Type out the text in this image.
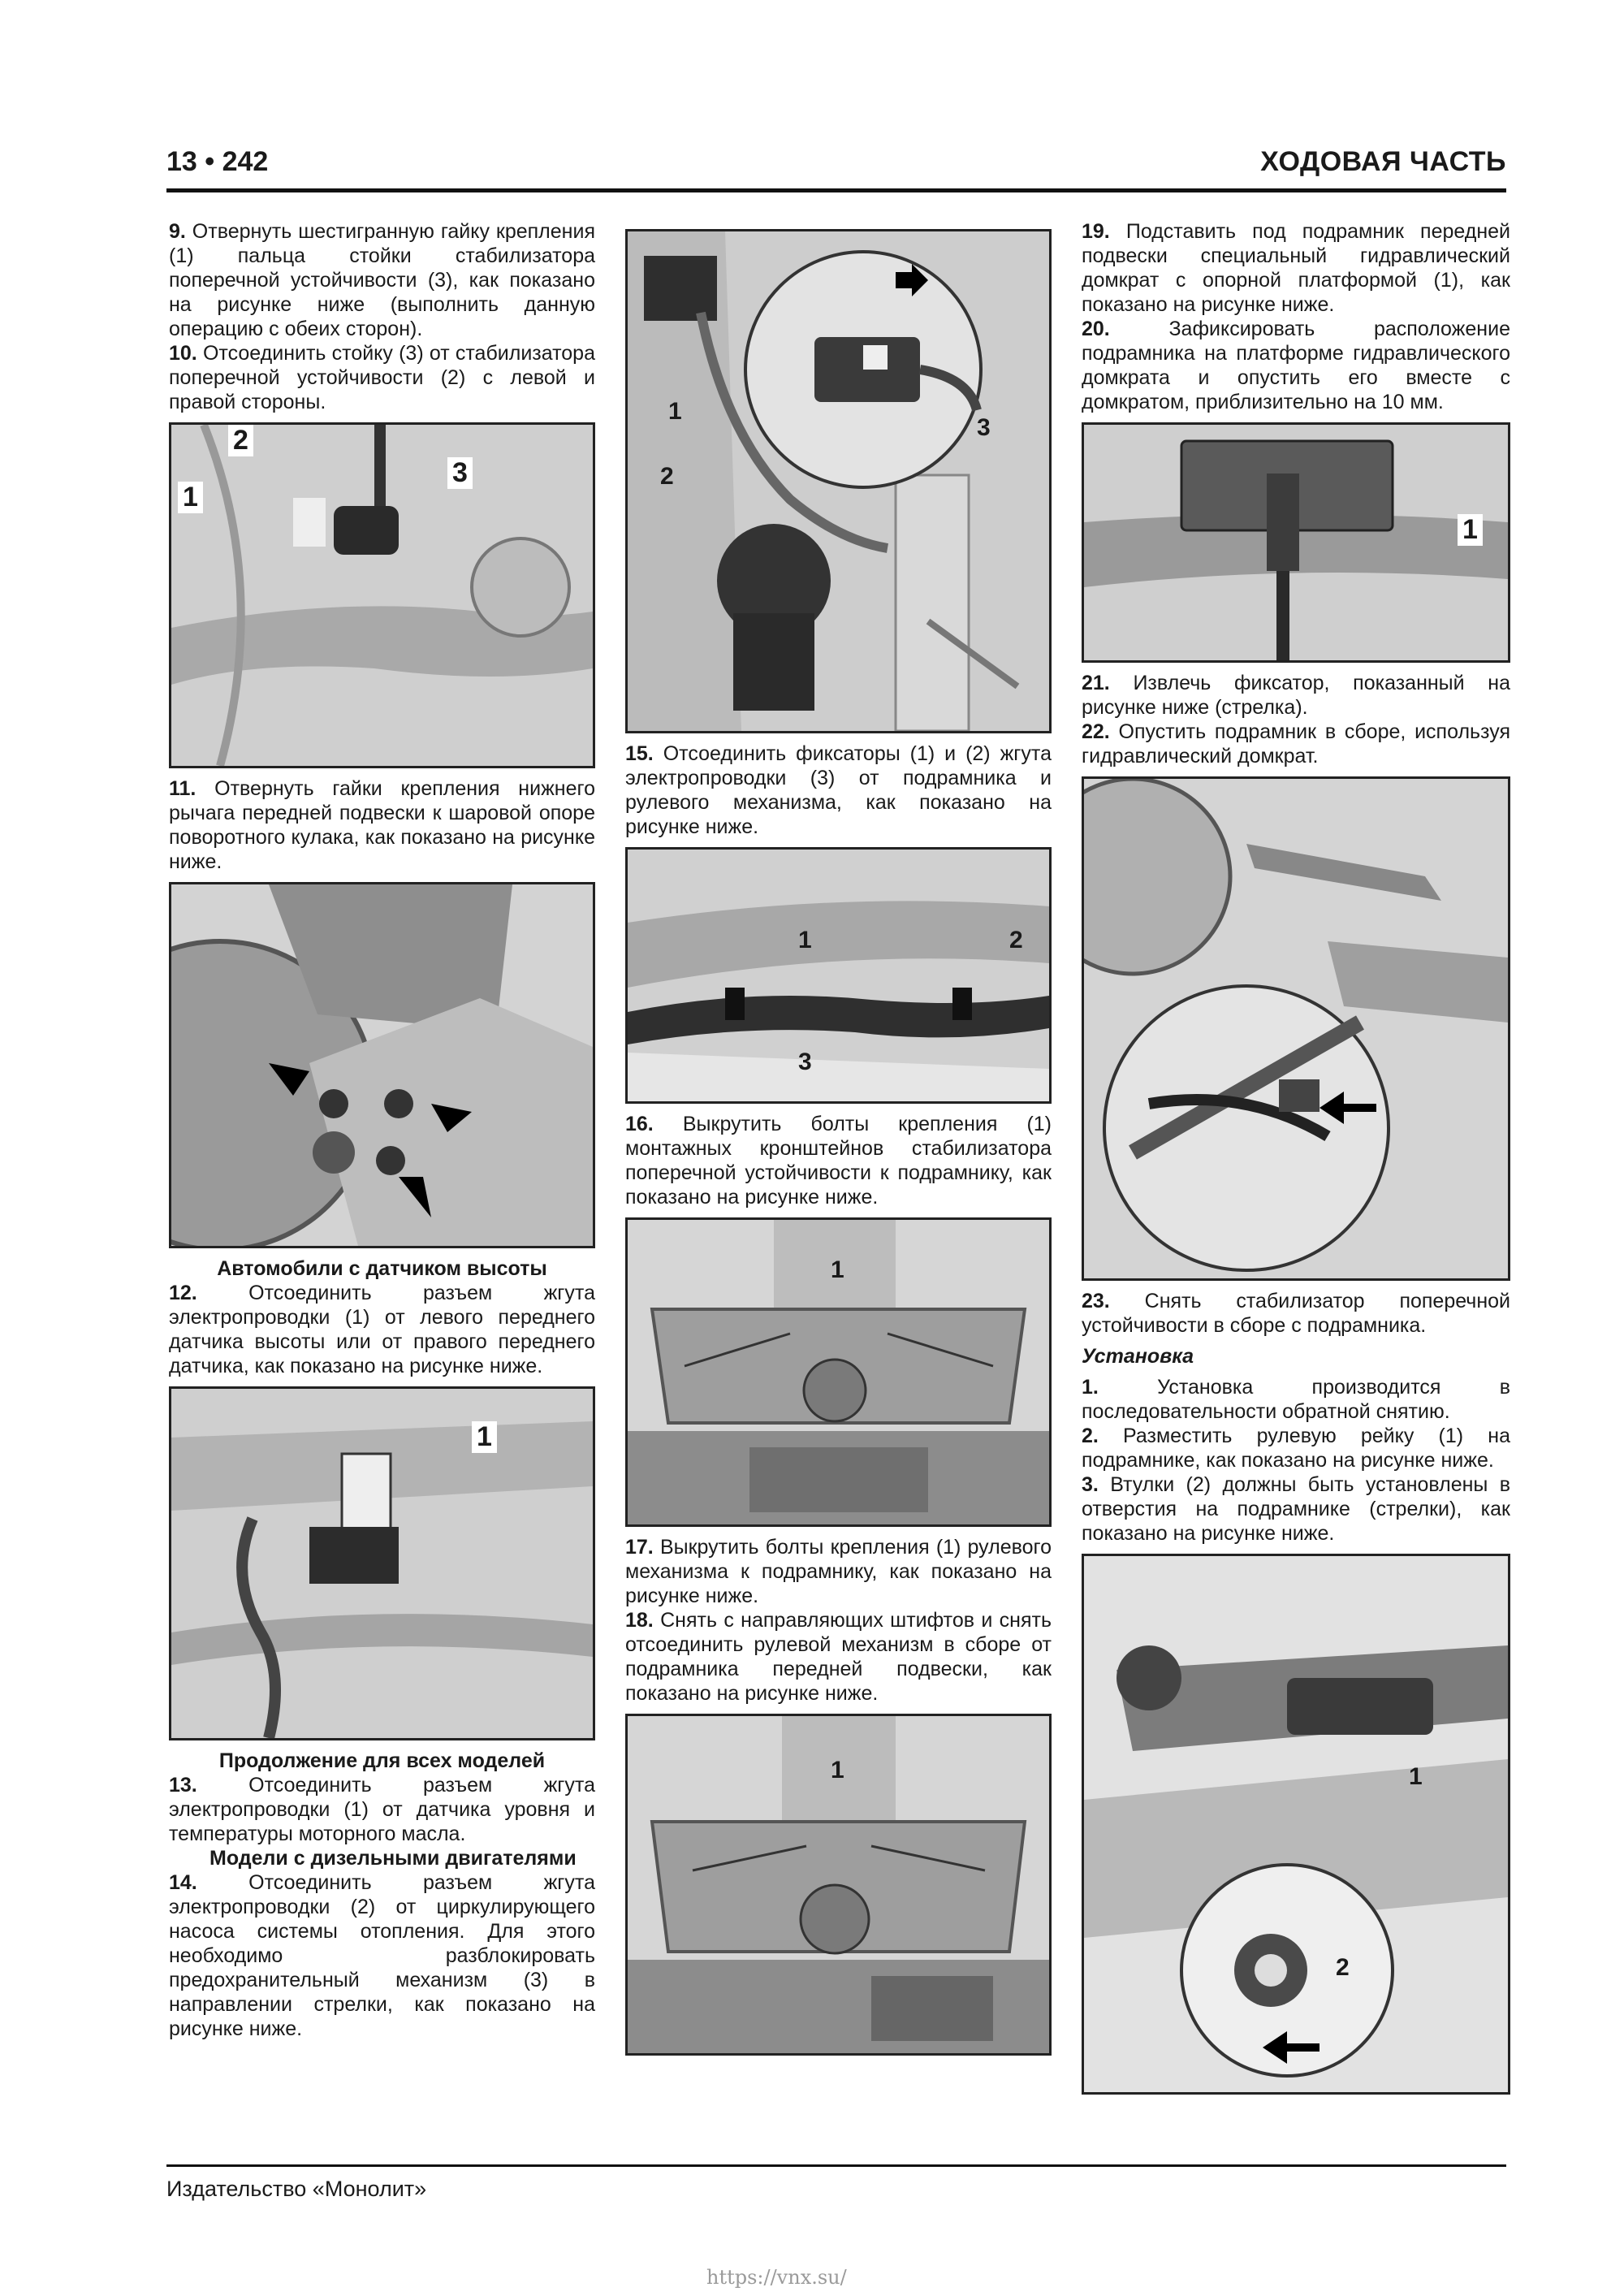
13 • 242	ХОДОВАЯ ЧАСТЬ

9. Отвернуть шестигранную гайку крепления (1) пальца стойки стабилизатора поперечной устойчивости (3), как показано на рисунке ниже (выполнить данную операцию с обеих сторон).

10. Отсоединить стойку (3) от стабилизатора поперечной устойчивости (2) с левой и правой стороны.

2
1
3

11. Отвернуть гайки крепления нижнего рычага передней подвески к шаровой опоре поворотного кулака, как показано на рисунке ниже.

Автомобили с датчиком высоты

12.	Отсоединить разъем жгута электропроводки (1) от левого переднего датчика высоты или от правого переднего датчика, как показано на рисунке ниже.

1

Продолжение для всех моделей

13.	Отсоединить разъем жгута электропроводки (1) от датчика уровня и температуры моторного масла.

Модели с дизельными двигателями

14.	Отсоединить разъем жгута электропроводки (2) от циркулирующего насоса системы отопления. Для этого необходимо разблокировать предохранительный механизм (3) в направлении стрелки, как показано на рисунке ниже.

1
2
3

15. Отсоединить фиксаторы (1) и (2) жгута электропроводки (3) от подрамника и рулевого механизма, как показано на рисунке ниже.

1	2
3

16. Выкрутить болты крепления (1) монтажных кронштейнов стабилизатора поперечной устойчивости к подрамнику, как показано на рисунке ниже.

1

17. Выкрутить болты крепления (1) рулевого механизма к подрамнику, как показано на рисунке ниже.

18. Снять с направляющих штифтов и снять отсоединить рулевой механизм в сборе от подрамника передней подвески, как показано на рисунке ниже.

1

19. Подставить под подрамник передней подвески специальный гидравлический домкрат с опорной платформой (1), как показано на рисунке ниже.

20.	Зафиксировать расположение подрамника на платформе гидравлического домкрата и опустить его вместе с домкратом, приблизительно на 10 мм.

1

21. Извлечь фиксатор, показанный на рисунке ниже (стрелка).

22. Опустить подрамник в сборе, используя гидравлический домкрат.

23. Снять стабилизатор поперечной устойчивости в сборе с подрамника.

Установка

1.	Установка производится в последовательности обратной снятию.

2. Разместить рулевую рейку (1) на подрамнике, как показано на рисунке ниже.

3. Втулки (2) должны быть установлены в отверстия на подрамнике (стрелки), как показано на рисунке ниже.

1
2
Издательство «Монолит»
https://vnx.su/
